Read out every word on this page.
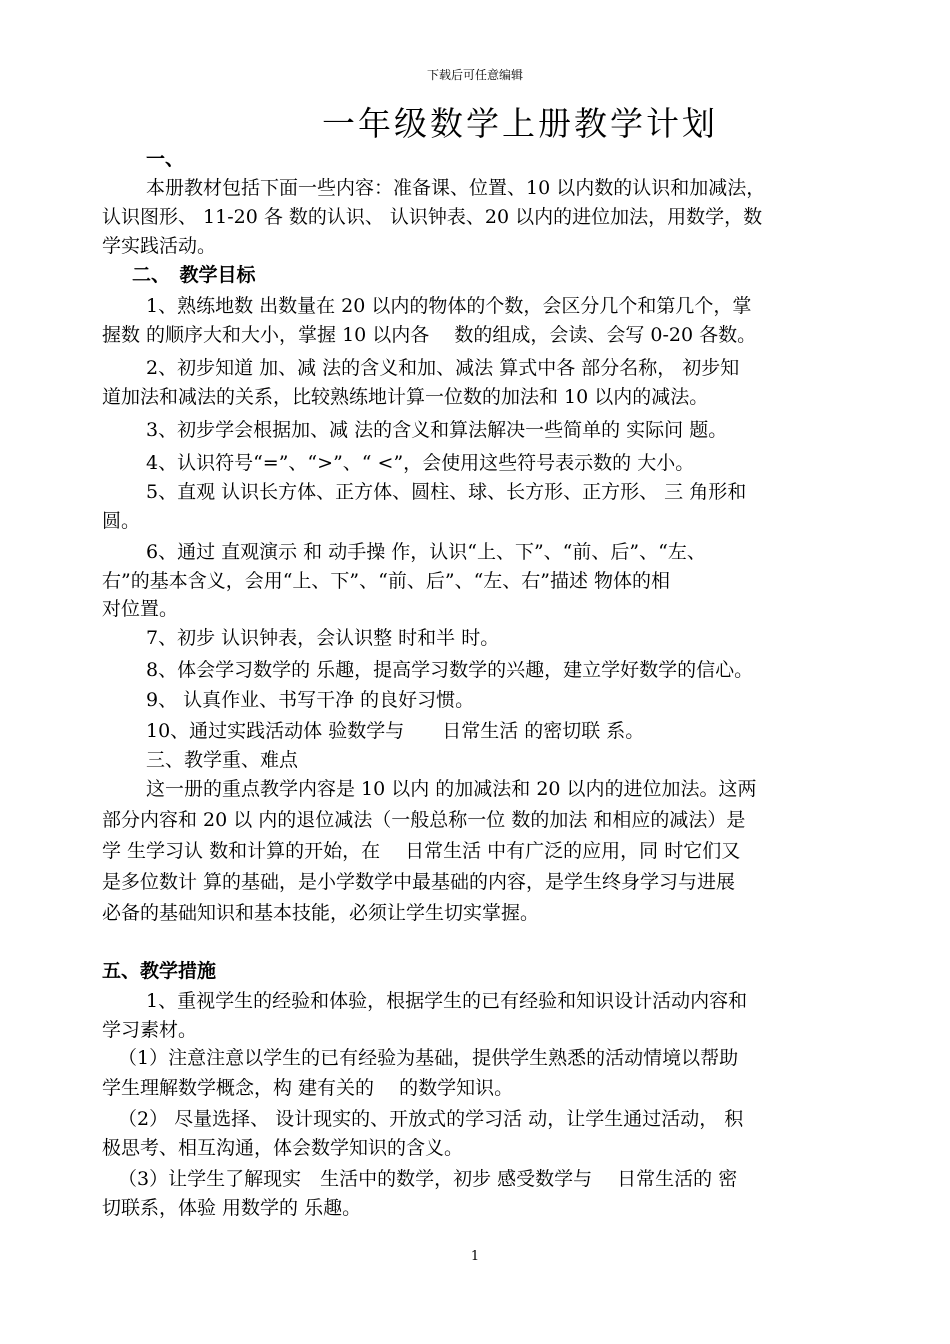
下载后可任意编辑
一年级数学上册教学计划
一、
本册教材包括下面一些内容：准备课、位置、10 以内数的认识和加减法，
认识图形、 11-20 各 数的认识、 认识钟表、20 以内的进位加法，用数学，数
学实践活动。
二、　教学目标
1、熟练地数 出数量在 20 以内的物体的个数，会区分几个和第几个，掌
握数 的顺序大和大小，掌握 10 以内各　 数的组成，会读、会写 0-20 各数。
2、初步知道 加、减 法的含义和加、减法 算式中各 部分名称， 初步知
道加法和减法的关系，比较熟练地计算一位数的加法和 10 以内的减法。
3、初步学会根据加、减 法的含义和算法解决一些简单的 实际问 题。
4、认识符号“=”、“>”、“ <”，会使用这些符号表示数的 大小。
5、直观 认识长方体、正方体、圆柱、球、长方形、正方形、 三 角形和
圆。
6、通过 直观演示 和 动手操 作，认识“上、下”、“前、后”、“左、
右”的基本含义，会用“上、下”、“前、后”、“左、右”描述 物体的相
对位置。
7、初步 认识钟表，会认识整 时和半 时。
8、体会学习数学的 乐趣，提高学习数学的兴趣，建立学好数学的信心。
9、 认真作业、书写干净 的良好习惯。
10、通过实践活动体 验数学与　　日常生活 的密切联 系。
三、教学重、难点
这一册的重点教学内容是 10 以内 的加减法和 20 以内的进位加法。这两
部分内容和 20 以 内的退位减法（一般总称一位 数的加法 和相应的减法）是
学 生学习认 数和计算的开始，在　 日常生活 中有广泛的应用，同 时它们又
是多位数计 算的基础，是小学数学中最基础的内容，是学生终身学习与进展
必备的基础知识和基本技能，必须让学生切实掌握。
五、教学措施
1、重视学生的经验和体验，根据学生的已有经验和知识设计活动内容和
学习素材。
（1）注意注意以学生的已有经验为基础，提供学生熟悉的活动情境以帮助
学生理解数学概念，构 建有关的　 的数学知识。
（2） 尽量选择、 设计现实的、开放式的学习活 动，让学生通过活动， 积
极思考、相互沟通，体会数学知识的含义。
（3）让学生了解现实　生活中的数学，初步 感受数学与　 日常生活的 密
切联系，体验 用数学的 乐趣。
1
